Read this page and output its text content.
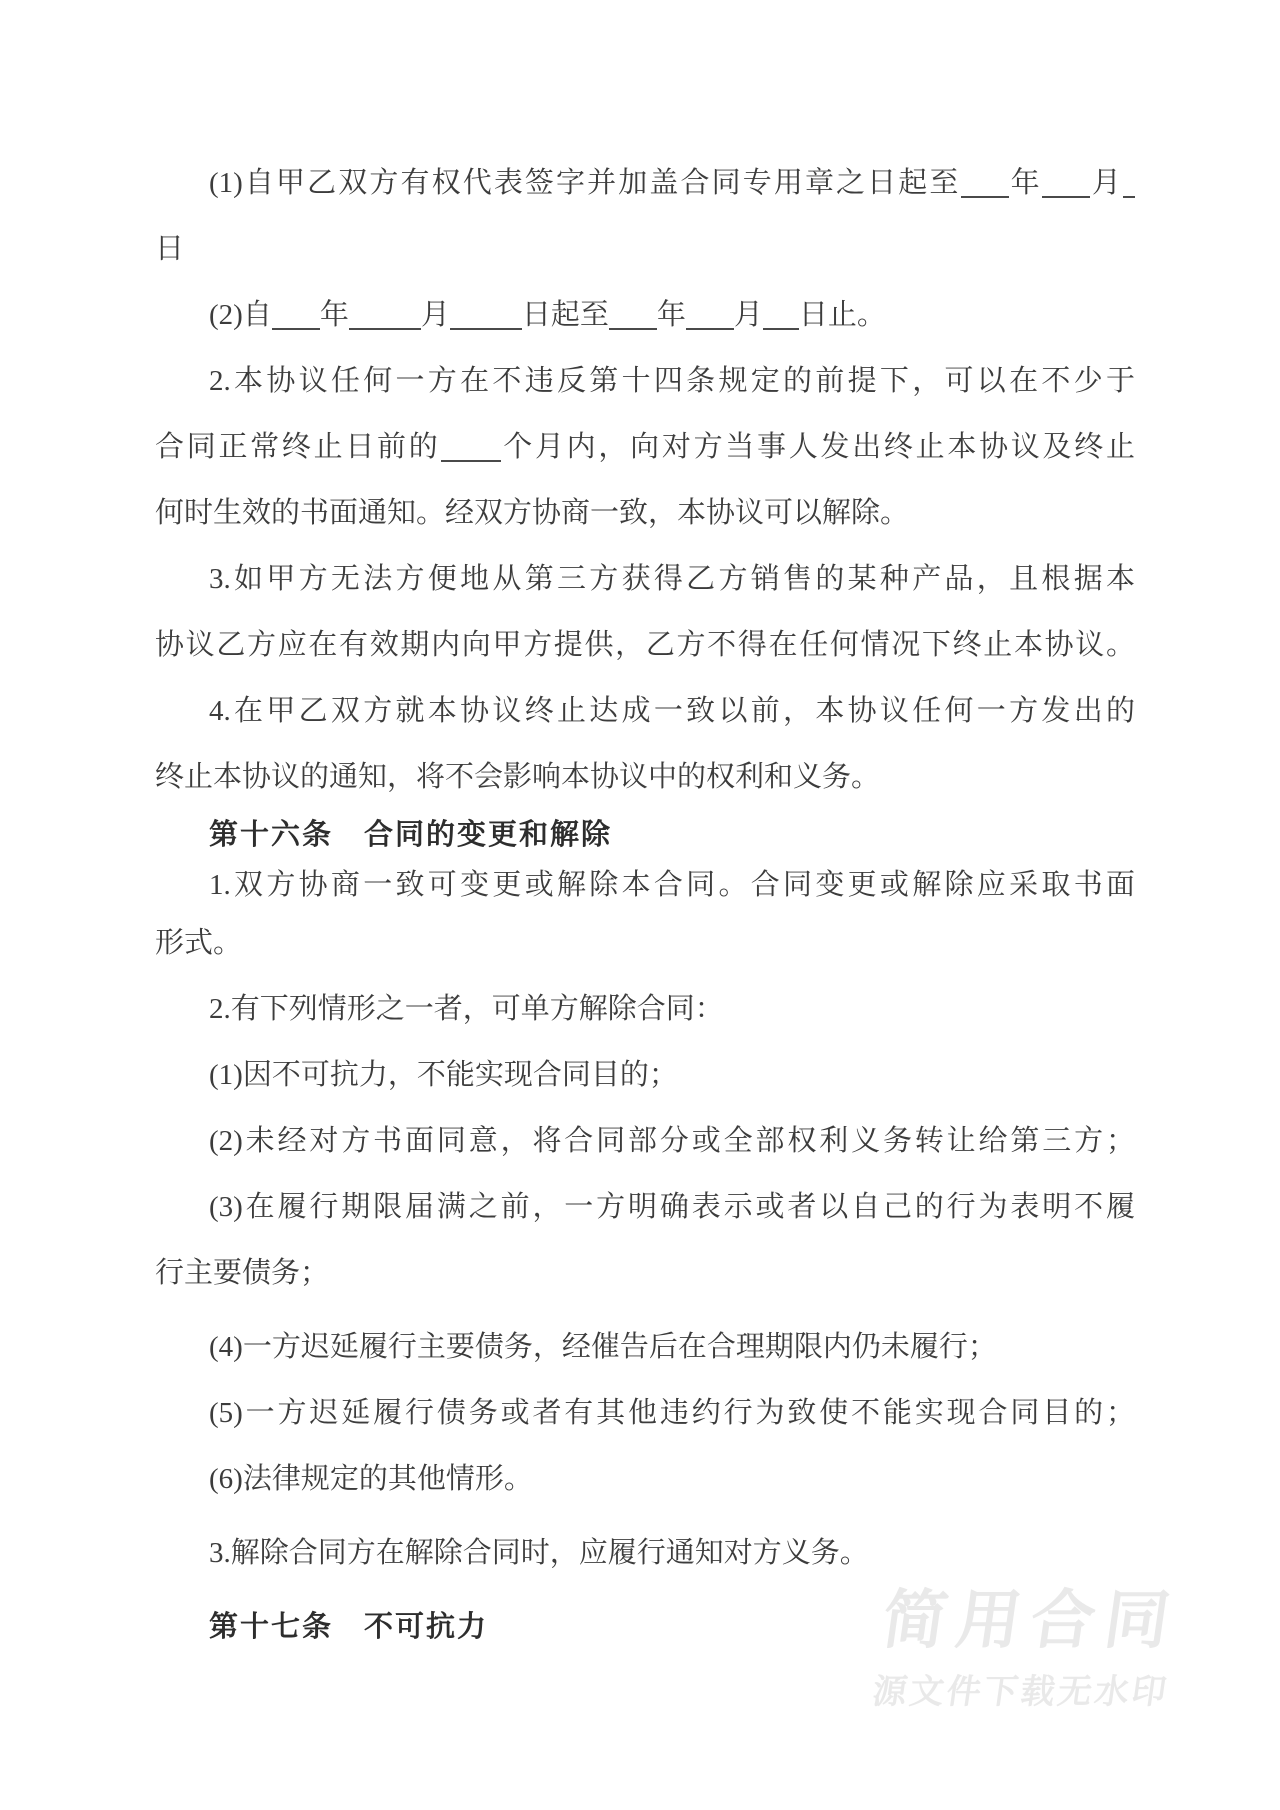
(1)自甲乙双方有权代表签字并加盖合同专用章之日起至 年 月
日
(2)自 年 月 日起至 年 月 日止。
2.本协议任何一方在不违反第十四条规定的前提下，可以在不少于
合同正常终止日前的 个月内，向对方当事人发出终止本协议及终止
何时生效的书面通知。经双方协商一致，本协议可以解除。
3.如甲方无法方便地从第三方获得乙方销售的某种产品，且根据本
协议乙方应在有效期内向甲方提供，乙方不得在任何情况下终止本协议。
4.在甲乙双方就本协议终止达成一致以前，本协议任何一方发出的
终止本协议的通知，将不会影响本协议中的权利和义务。
第十六条　合同的变更和解除
1.双方协商一致可变更或解除本合同。合同变更或解除应采取书面
形式。
2.有下列情形之一者，可单方解除合同：
(1)因不可抗力，不能实现合同目的；
(2)未经对方书面同意，将合同部分或全部权利义务转让给第三方；
(3)在履行期限届满之前，一方明确表示或者以自己的行为表明不履
行主要债务；
(4)一方迟延履行主要债务，经催告后在合理期限内仍未履行；
(5)一方迟延履行债务或者有其他违约行为致使不能实现合同目的；
(6)法律规定的其他情形。
3.解除合同方在解除合同时，应履行通知对方义务。
第十七条　不可抗力	简用合同
源文件下载无水印
